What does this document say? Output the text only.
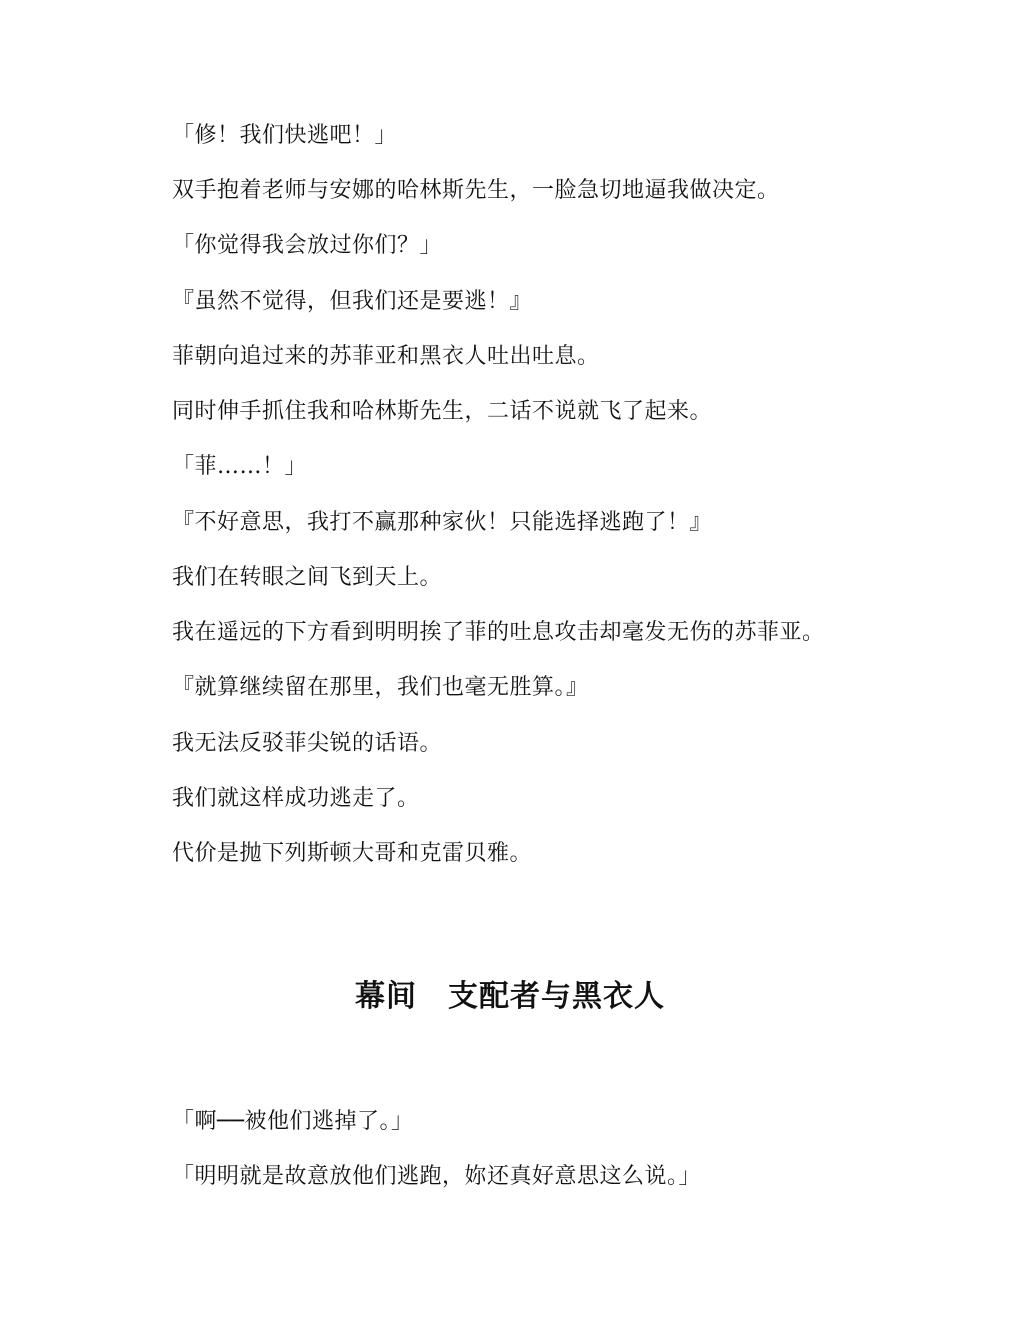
「修！我们快逃吧！」

双手抱着老师与安娜的哈林斯先生，一脸急切地逼我做决定。

「你觉得我会放过你们？」

『虽然不觉得，但我们还是要逃！』

菲朝向追过来的苏菲亚和黑衣人吐出吐息。

同时伸手抓住我和哈林斯先生，二话不说就飞了起来。

「菲……！」

『不好意思，我打不赢那种家伙！只能选择逃跑了！』

我们在转眼之间飞到天上。

我在遥远的下方看到明明挨了菲的吐息攻击却毫发无伤的苏菲亚。

『就算继续留在那里，我们也毫无胜算。』

我无法反驳菲尖锐的话语。

我们就这样成功逃走了。

代价是抛下列斯顿大哥和克雷贝雅。

幕间　支配者与黑衣人

「啊──被他们逃掉了。」

「明明就是故意放他们逃跑，妳还真好意思这么说。」
